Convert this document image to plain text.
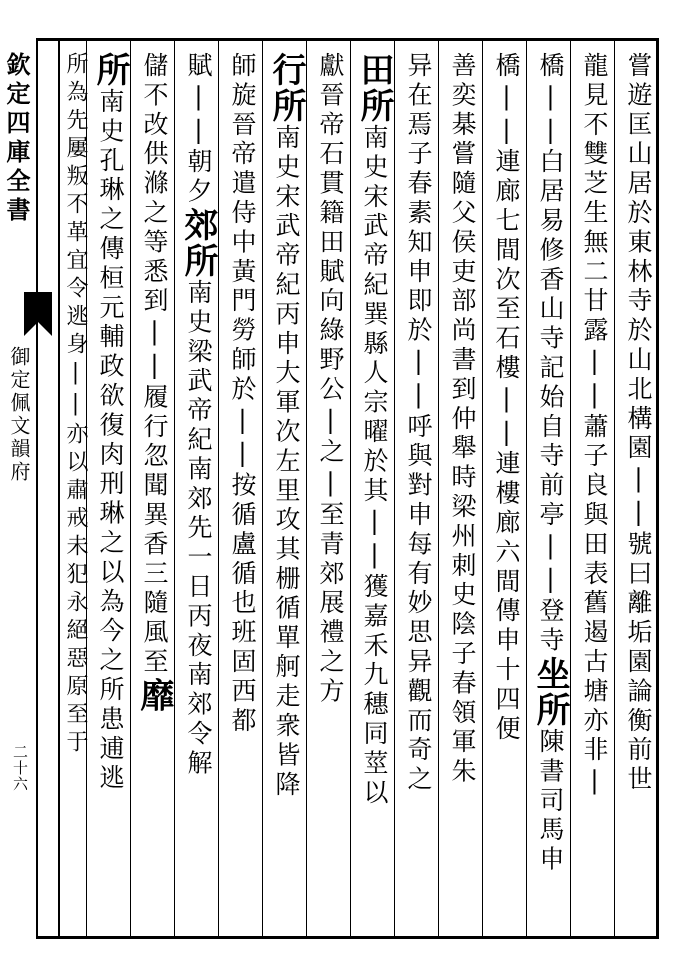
欽定四庫全書
御定佩文韻府
二十六	嘗遊匡山居於東林寺於山北構園||號曰離垢園論衡前世
龍見不雙芝生無二甘露||蕭子良與田表舊遏古塘亦非|
橋||白居易修香山寺記始自寺前亭||登寺坐所陳書司馬申
橋||連廊七間次至石樓||連樓廊六間傳申十四便
善奕棊嘗隨父侯吏部尚書到仲舉時梁州刺史陰子春領軍朱
异在焉子春素知申即於||呼與對申每有妙思异觀而奇之
田所南史宋武帝紀巽縣人宗曜於其||獲嘉禾九穗同莖以
獻晉帝石貫籍田賦向綠野公|之|至青郊展禮之方
行所南史宋武帝紀丙申大軍次左里攻其栅循單舸走衆皆降
師旋晉帝遣侍中黃門勞師於||按循盧循也班固西都
賦||朝夕郊所南史梁武帝紀南郊先一日丙夜南郊令解
儲不改供滌之等悉到||履行忽聞異香三隨風至靡
所南史孔琳之傳桓元輔政欲復肉刑琳之以為今之所患逋逃
所為先屢叛不革宜令逃身||亦以肅戒未犯永絕惡原至于
